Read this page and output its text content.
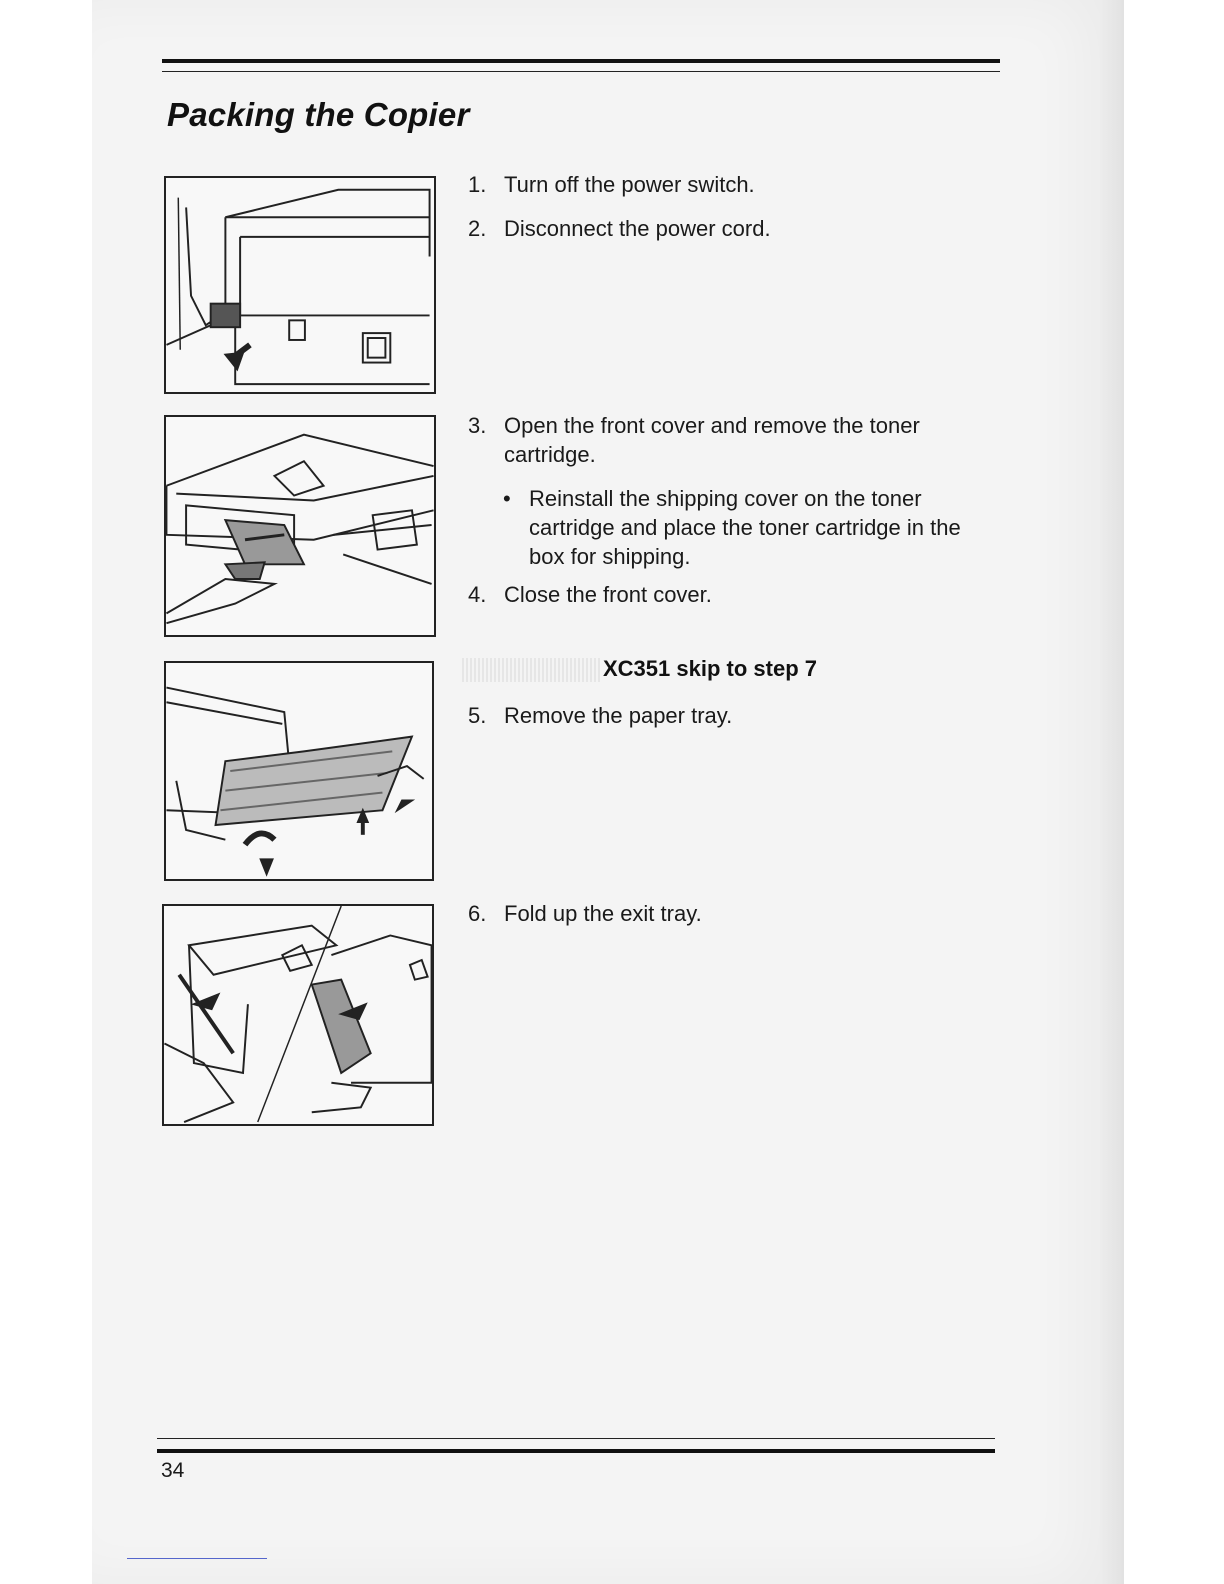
Packing the Copier
1. Turn off the power switch.
2. Disconnect the power cord.
3. Open the front cover and remove the toner cartridge.
• Reinstall the shipping cover on the toner cartridge and place the toner cartridge in the box for shipping.
4. Close the front cover.
XC351 skip to step 7
5. Remove the paper tray.
6. Fold up the exit tray.
34
